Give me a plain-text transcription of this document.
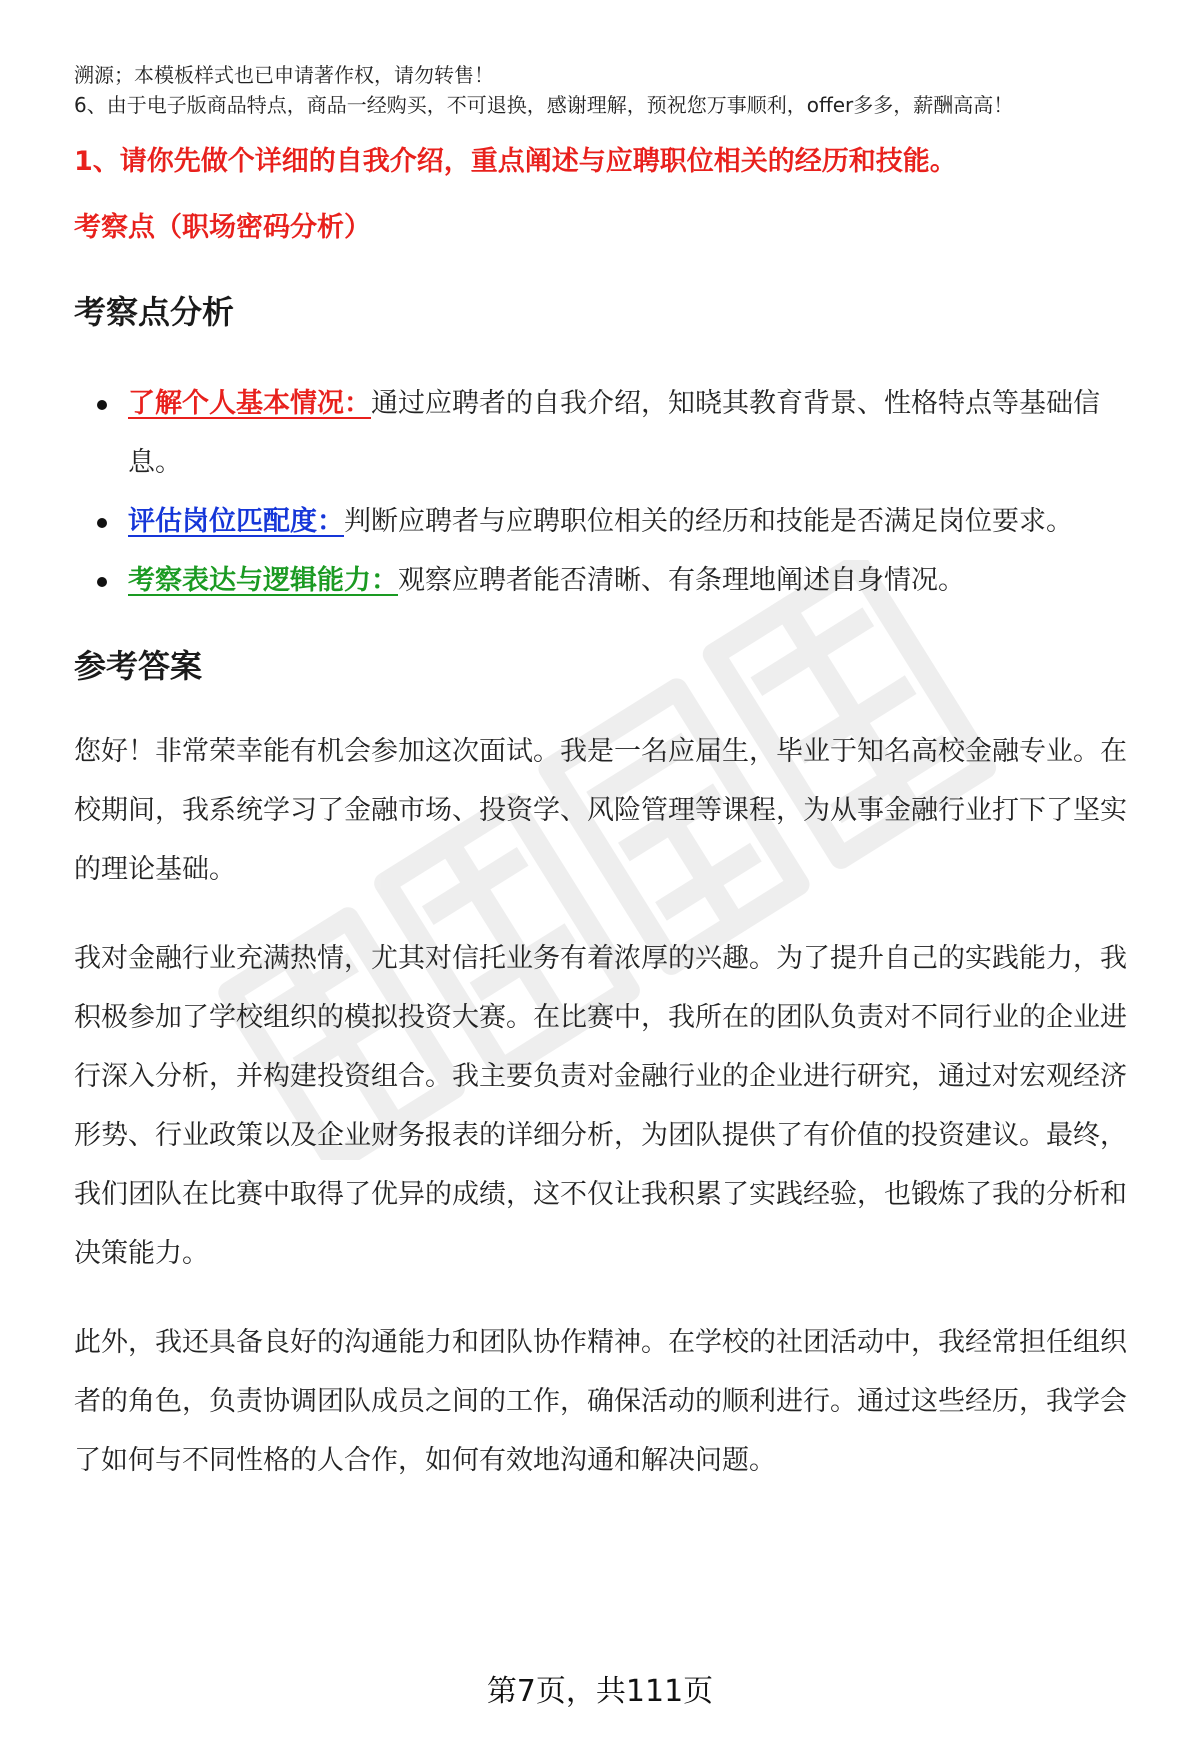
溯源；本模板样式也已申请著作权，请勿转售！
6、由于电子版商品特点，商品一经购买，不可退换，感谢理解，预祝您万事顺利，offer多多，薪酬高高！
1、请你先做个详细的自我介绍，重点阐述与应聘职位相关的经历和技能。
考察点（职场密码分析）
考察点分析
了解个人基本情况：通过应聘者的自我介绍，知晓其教育背景、性格特点等基础信息。
评估岗位匹配度：判断应聘者与应聘职位相关的经历和技能是否满足岗位要求。
考察表达与逻辑能力：观察应聘者能否清晰、有条理地阐述自身情况。
参考答案

您好！非常荣幸能有机会参加这次面试。我是一名应届生，毕业于知名高校金融专业。在校期间，我系统学习了金融市场、投资学、风险管理等课程，为从事金融行业打下了坚实的理论基础。

我对金融行业充满热情，尤其对信托业务有着浓厚的兴趣。为了提升自己的实践能力，我积极参加了学校组织的模拟投资大赛。在比赛中，我所在的团队负责对不同行业的企业进行深入分析，并构建投资组合。我主要负责对金融行业的企业进行研究，通过对宏观经济形势、行业政策以及企业财务报表的详细分析，为团队提供了有价值的投资建议。最终，我们团队在比赛中取得了优异的成绩，这不仅让我积累了实践经验，也锻炼了我的分析和决策能力。

此外，我还具备良好的沟通能力和团队协作精神。在学校的社团活动中，我经常担任组织者的角色，负责协调团队成员之间的工作，确保活动的顺利进行。通过这些经历，我学会了如何与不同性格的人合作，如何有效地沟通和解决问题。

第7页，共111页
